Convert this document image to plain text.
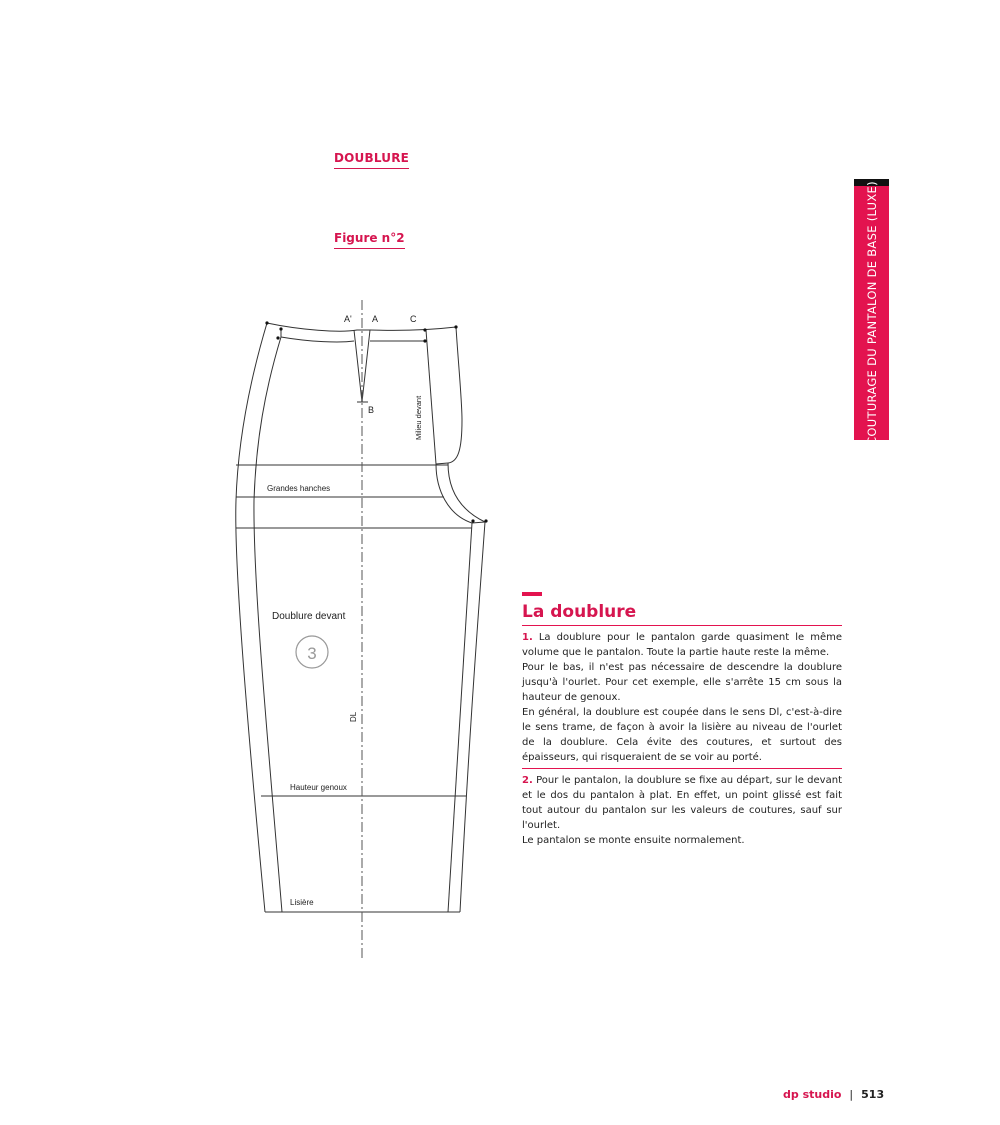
DOUBLURE
Figure n°2	COUTURAGE DU PANTALON DE BASE (LUXE)
A' A	C
B	Milieu devant
Grandes hanches
Doublure devant
3
DL
Hauteur genoux
Lisière
La doublure

1. La doublure pour le pantalon garde quasiment le même volume que le pantalon. Toute la partie haute reste la même.

Pour le bas, il n'est pas nécessaire de descendre la doublure jusqu'à l'ourlet. Pour cet exemple, elle s'arrête 15 cm sous la hauteur de genoux.

En général, la doublure est coupée dans le sens Dl, c'est-à-dire le sens trame, de façon à avoir la lisière au niveau de l'ourlet de la doublure. Cela évite des coutures, et surtout des épaisseurs, qui risqueraient de se voir au porté.

2. Pour le pantalon, la doublure se fixe au départ, sur le devant et le dos du pantalon à plat. En effet, un point glissé est fait tout autour du pantalon sur les valeurs de coutures, sauf sur l'ourlet.

Le pantalon se monte ensuite normalement.

dp studio | 513
